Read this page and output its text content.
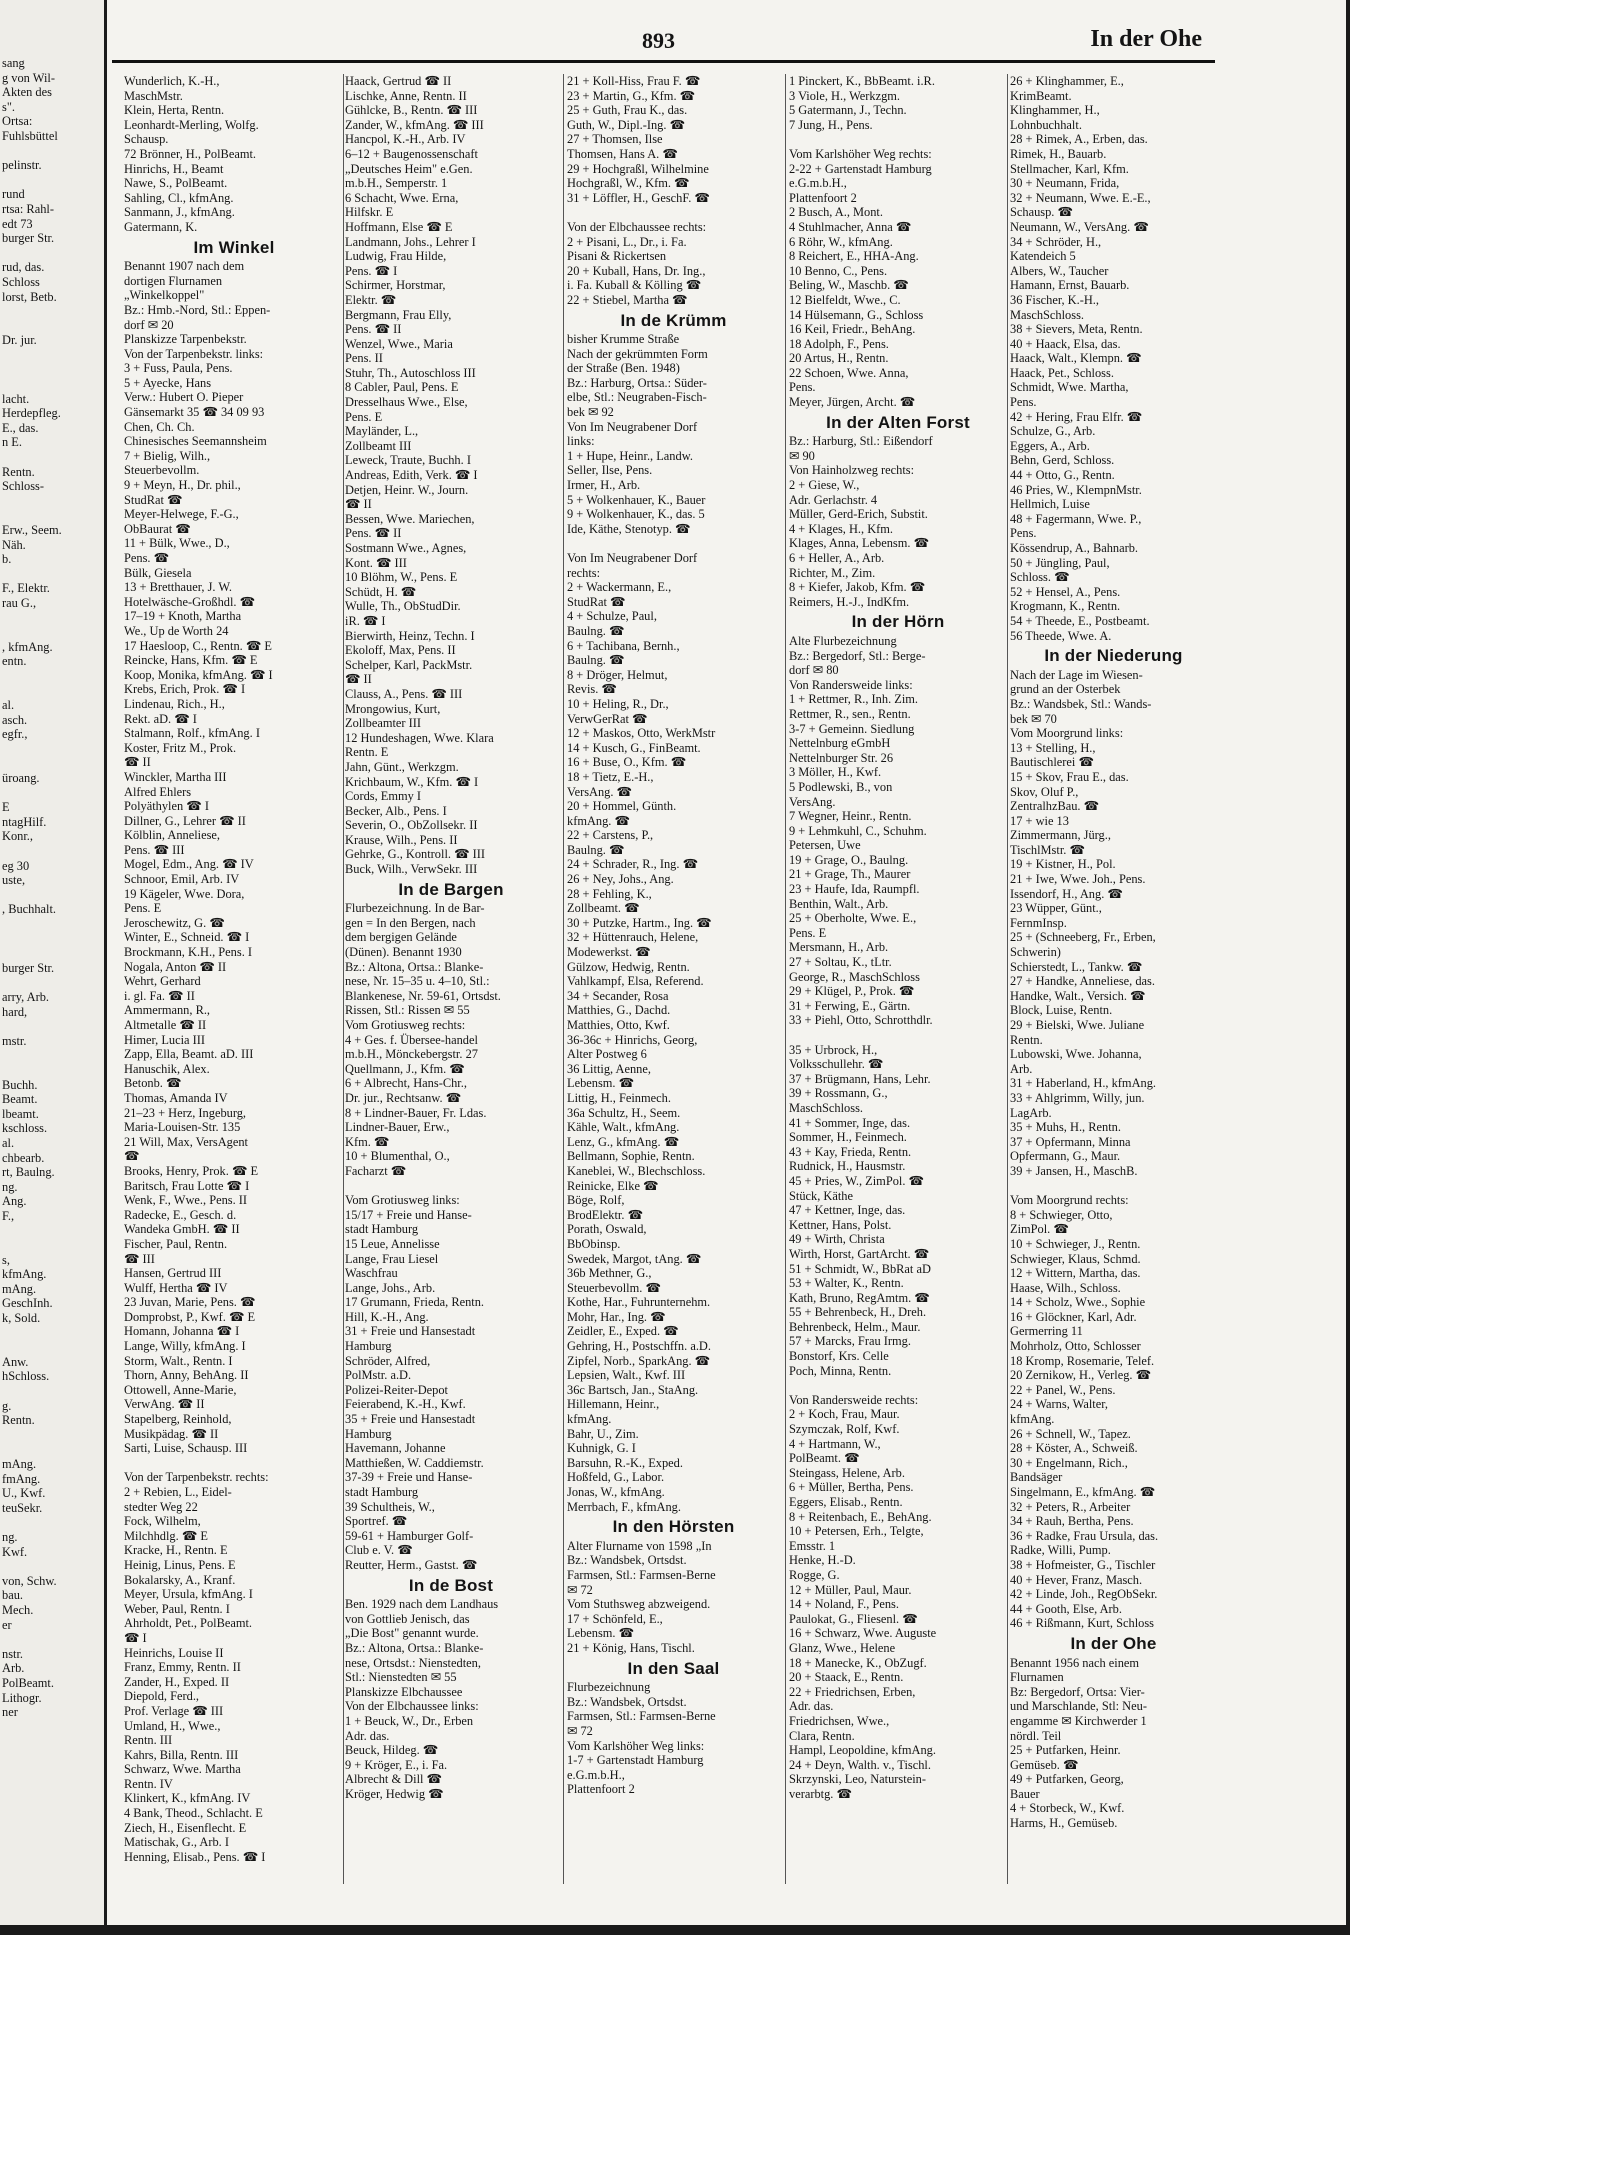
sang
g von Wil-
Akten des
s".
Ortsa:
Fuhlsbüttel

pelinstr.

rund
rtsa: Rahl-
edt 73
burger Str.

rud, das.
Schloss
lorst, Betb.

Dr. jur.

lacht.
Herdepfleg.
E., das.
n E.

Rentn.
Schloss-

Erw., Seem.
Näh.
b.

F., Elektr.
rau G.,

, kfmAng.
entn.

al.
asch.
egfr.,

üroang.

E
ntagHilf.
Konr.,

eg 30
uste,

, Buchhalt.

burger Str.

arry, Arb.
hard,

mstr.

Buchh.
Beamt.
lbeamt.
kschloss.
al.
chbearb.
rt, Baulng.
ng.
Ang.
F.,

s,
kfmAng.
mAng.
GeschInh.
k, Sold.

Anw.
hSchloss.

g.
Rentn.

mAng.
fmAng.
U., Kwf.
teuSekr.

ng.
Kwf.

von, Schw.
bau.
Mech.
er

nstr.
Arb.
PolBeamt.
Lithogr.
ner
893	In der Ohe
Wunderlich, K.-H.,
MaschMstr.
Klein, Herta, Rentn.
Leonhardt-Merling, Wolfg.
Schausp.
72 Brönner, H., PolBeamt.
Hinrichs, H., Beamt
Nawe, S., PolBeamt.
Sahling, Cl., kfmAng.
Sanmann, J., kfmAng.
Gatermann, K.
Im Winkel
Benannt 1907 nach dem
dortigen Flurnamen
„Winkelkoppel"
Bz.: Hmb.-Nord, Stl.: Eppen-
dorf ✉ 20
Planskizze Tarpenbekstr.
Von der Tarpenbekstr. links:
3 + Fuss, Paula, Pens.
5 + Ayecke, Hans
Verw.: Hubert O. Pieper
Gänsemarkt 35 ☎ 34 09 93
Chen, Ch. Ch.
Chinesisches Seemannsheim
7 + Bielig, Wilh.,
Steuerbevollm.
9 + Meyn, H., Dr. phil.,
StudRat ☎
Meyer-Helwege, F.-G.,
ObBaurat ☎
11 + Bülk, Wwe., D.,
Pens. ☎
Bülk, Giesela
13 + Bretthauer, J. W.
Hotelwäsche-Großhdl. ☎
17–19 + Knoth, Martha
We., Up de Worth 24
17 Haesloop, C., Rentn. ☎ E
Reincke, Hans, Kfm. ☎ E
Koop, Monika, kfmAng. ☎ I
Krebs, Erich, Prok. ☎ I
Lindenau, Rich., H.,
Rekt. aD. ☎ I
Stalmann, Rolf., kfmAng. I
Koster, Fritz M., Prok.
☎ II
Winckler, Martha III
Alfred Ehlers
Polyäthylen ☎ I
Dillner, G., Lehrer ☎ II
Kölblin, Anneliese,
Pens. ☎ III
Mogel, Edm., Ang. ☎ IV
Schnoor, Emil, Arb. IV
19 Kägeler, Wwe. Dora,
Pens. E
Jeroschewitz, G. ☎
Winter, E., Schneid. ☎ I
Brockmann, K.H., Pens. I
Nogala, Anton ☎ II
Wehrt, Gerhard
i. gl. Fa. ☎ II
Ammermann, R.,
Altmetalle ☎ II
Himer, Lucia III
Zapp, Ella, Beamt. aD. III
Hanuschik, Alex.
Betonb. ☎
Thomas, Amanda IV
21–23 + Herz, Ingeburg,
Maria-Louisen-Str. 135
21 Will, Max, VersAgent
☎
Brooks, Henry, Prok. ☎ E
Baritsch, Frau Lotte ☎ I
Wenk, F., Wwe., Pens. II
Radecke, E., Gesch. d.
Wandeka GmbH. ☎ II
Fischer, Paul, Rentn.
☎ III
Hansen, Gertrud III
Wulff, Hertha ☎ IV
23 Juvan, Marie, Pens. ☎
Domprobst, P., Kwf. ☎ E
Homann, Johanna ☎ I
Lange, Willy, kfmAng. I
Storm, Walt., Rentn. I
Thorn, Anny, BehAng. II
Ottowell, Anne-Marie,
VerwAng. ☎ II
Stapelberg, Reinhold,
Musikpädag. ☎ II
Sarti, Luise, Schausp. III

Von der Tarpenbekstr. rechts:
2 + Rebien, L., Eidel-
stedter Weg 22
Fock, Wilhelm,
Milchhdlg. ☎ E
Kracke, H., Rentn. E
Heinig, Linus, Pens. E
Bokalarsky, A., Kranf.
Meyer, Ursula, kfmAng. I
Weber, Paul, Rentn. I
Ahrholdt, Pet., PolBeamt.
☎ I
Heinrichs, Louise II
Franz, Emmy, Rentn. II
Zander, H., Exped. II
Diepold, Ferd.,
Prof. Verlage ☎ III
Umland, H., Wwe.,
Rentn. III
Kahrs, Billa, Rentn. III
Schwarz, Wwe. Martha
Rentn. IV
Klinkert, K., kfmAng. IV
4 Bank, Theod., Schlacht. E
Ziech, H., Eisenflecht. E
Matischak, G., Arb. I
Henning, Elisab., Pens. ☎ I
Haack, Gertrud ☎ II
Lischke, Anne, Rentn. II
Gühlcke, B., Rentn. ☎ III
Zander, W., kfmAng. ☎ III
Hancpol, K.-H., Arb. IV
6–12 + Baugenossenschaft
„Deutsches Heim" e.Gen.
m.b.H., Semperstr. 1
6 Schacht, Wwe. Erna,
Hilfskr. E
Hoffmann, Else ☎ E
Landmann, Johs., Lehrer I
Ludwig, Frau Hilde,
Pens. ☎ I
Schirmer, Horstmar,
Elektr. ☎
Bergmann, Frau Elly,
Pens. ☎ II
Wenzel, Wwe., Maria
Pens. II
Stuhr, Th., Autoschloss III
8 Cabler, Paul, Pens. E
Dresselhaus Wwe., Else,
Pens. E
Mayländer, L.,
Zollbeamt III
Leweck, Traute, Buchh. I
Andreas, Edith, Verk. ☎ I
Detjen, Heinr. W., Journ.
☎ II
Bessen, Wwe. Mariechen,
Pens. ☎ II
Sostmann Wwe., Agnes,
Kont. ☎ III
10 Blöhm, W., Pens. E
Schüdt, H. ☎
Wulle, Th., ObStudDir.
iR. ☎ I
Bierwirth, Heinz, Techn. I
Ekoloff, Max, Pens. II
Schelper, Karl, PackMstr.
☎ II
Clauss, A., Pens. ☎ III
Mrongowius, Kurt,
Zollbeamter III
12 Hundeshagen, Wwe. Klara
Rentn. E
Jahn, Günt., Werkzgm.
Krichbaum, W., Kfm. ☎ I
Cords, Emmy I
Becker, Alb., Pens. I
Severin, O., ObZollsekr. II
Krause, Wilh., Pens. II
Gehrke, G., Kontroll. ☎ III
Buck, Wilh., VerwSekr. III
In de Bargen
Flurbezeichnung. In de Bar-
gen = In den Bergen, nach
dem bergigen Gelände
(Dünen). Benannt 1930
Bz.: Altona, Ortsa.: Blanke-
nese, Nr. 15–35 u. 4–10, Stl.:
Blankenese, Nr. 59-61, Ortsdst.
Rissen, Stl.: Rissen ✉ 55
Vom Grotiusweg rechts:
4 + Ges. f. Übersee-handel
m.b.H., Mönckebergstr. 27
Quellmann, J., Kfm. ☎
6 + Albrecht, Hans-Chr.,
Dr. jur., Rechtsanw. ☎
8 + Lindner-Bauer, Fr. Ldas.
Lindner-Bauer, Erw.,
Kfm. ☎
10 + Blumenthal, O.,
Facharzt ☎

Vom Grotiusweg links:
15/17 + Freie und Hanse-
stadt Hamburg
15 Leue, Annelisse
Lange, Frau Liesel
Waschfrau
Lange, Johs., Arb.
17 Grumann, Frieda, Rentn.
Hill, K.-H., Ang.
31 + Freie und Hansestadt
Hamburg
Schröder, Alfred,
PolMstr. a.D.
Polizei-Reiter-Depot
Feierabend, K.-H., Kwf.
35 + Freie und Hansestadt
Hamburg
Havemann, Johanne
Matthießen, W. Caddiemstr.
37-39 + Freie und Hanse-
stadt Hamburg
39 Schultheis, W.,
Sportref. ☎
59-61 + Hamburger Golf-
Club e. V. ☎
Reutter, Herm., Gastst. ☎
In de Bost
Ben. 1929 nach dem Landhaus
von Gottlieb Jenisch, das
„Die Bost" genannt wurde.
Bz.: Altona, Ortsa.: Blanke-
nese, Ortsdst.: Nienstedten,
Stl.: Nienstedten ✉ 55
Planskizze Elbchaussee
Von der Elbchaussee links:
1 + Beuck, W., Dr., Erben
Adr. das.
Beuck, Hildeg. ☎
9 + Kröger, E., i. Fa.
Albrecht & Dill ☎
Kröger, Hedwig ☎
21 + Koll-Hiss, Frau F. ☎
23 + Martin, G., Kfm. ☎
25 + Guth, Frau K., das.
Guth, W., Dipl.-Ing. ☎
27 + Thomsen, Ilse
Thomsen, Hans A. ☎
29 + Hochgraßl, Wilhelmine
Hochgraßl, W., Kfm. ☎
31 + Löffler, H., GeschF. ☎

Von der Elbchaussee rechts:
2 + Pisani, L., Dr., i. Fa.
Pisani & Rickertsen
20 + Kuball, Hans, Dr. Ing.,
i. Fa. Kuball & Kölling ☎
22 + Stiebel, Martha ☎
In de Krümm
bisher Krumme Straße
Nach der gekrümmten Form
der Straße (Ben. 1948)
Bz.: Harburg, Ortsa.: Süder-
elbe, Stl.: Neugraben-Fisch-
bek ✉ 92
Von Im Neugrabener Dorf
links:
1 + Hupe, Heinr., Landw.
Seller, Ilse, Pens.
Irmer, H., Arb.
5 + Wolkenhauer, K., Bauer
9 + Wolkenhauer, K., das. 5
Ide, Käthe, Stenotyp. ☎

Von Im Neugrabener Dorf
rechts:
2 + Wackermann, E.,
StudRat ☎
4 + Schulze, Paul,
Baulng. ☎
6 + Tachibana, Bernh.,
Baulng. ☎
8 + Dröger, Helmut,
Revis. ☎
10 + Heling, R., Dr.,
VerwGerRat ☎
12 + Maskos, Otto, WerkMstr
14 + Kusch, G., FinBeamt.
16 + Buse, O., Kfm. ☎
18 + Tietz, E.-H.,
VersAng. ☎
20 + Hommel, Günth.
kfmAng. ☎
22 + Carstens, P.,
Baulng. ☎
24 + Schrader, R., Ing. ☎
26 + Ney, Johs., Ang.
28 + Fehling, K.,
Zollbeamt. ☎
30 + Putzke, Hartm., Ing. ☎
32 + Hüttenrauch, Helene,
Modewerkst. ☎
Gülzow, Hedwig, Rentn.
Vahlkampf, Elsa, Referend.
34 + Secander, Rosa
Matthies, G., Dachd.
Matthies, Otto, Kwf.
36-36c + Hinrichs, Georg,
Alter Postweg 6
36 Littig, Aenne,
Lebensm. ☎
Littig, H., Feinmech.
36a Schultz, H., Seem.
Kähle, Walt., kfmAng.
Lenz, G., kfmAng. ☎
Bellmann, Sophie, Rentn.
Kaneblei, W., Blechschloss.
Reinicke, Elke ☎
Böge, Rolf,
BrodElektr. ☎
Porath, Oswald,
BbObinsp.
Swedek, Margot, tAng. ☎
36b Methner, G.,
Steuerbevollm. ☎
Kothe, Har., Fuhrunternehm.
Mohr, Har., Ing. ☎
Zeidler, E., Exped. ☎
Gehring, H., Postschffn. a.D.
Zipfel, Norb., SparkAng. ☎
Lepsien, Walt., Kwf. III
36c Bartsch, Jan., StaAng.
Hillemann, Heinr.,
kfmAng.
Bahr, U., Zim.
Kuhnigk, G. I
Barsuhn, R.-K., Exped.
Hoßfeld, G., Labor.
Jonas, W., kfmAng.
Merrbach, F., kfmAng.
In den Hörsten
Alter Flurname von 1598 „In
Bz.: Wandsbek, Ortsdst.
Farmsen, Stl.: Farmsen-Berne
✉ 72
Vom Stuthsweg abzweigend.
17 + Schönfeld, E.,
Lebensm. ☎
21 + König, Hans, Tischl.
In den Saal
Flurbezeichnung
Bz.: Wandsbek, Ortsdst.
Farmsen, Stl.: Farmsen-Berne
✉ 72
Vom Karlshöher Weg links:
1-7 + Gartenstadt Hamburg
e.G.m.b.H.,
Plattenfoort 2
1 Pinckert, K., BbBeamt. i.R.
3 Viole, H., Werkzgm.
5 Gatermann, J., Techn.
7 Jung, H., Pens.

Vom Karlshöher Weg rechts:
2-22 + Gartenstadt Hamburg
e.G.m.b.H.,
Plattenfoort 2
2 Busch, A., Mont.
4 Stuhlmacher, Anna ☎
6 Röhr, W., kfmAng.
8 Reichert, E., HHA-Ang.
10 Benno, C., Pens.
Beling, W., Maschb. ☎
12 Bielfeldt, Wwe., C.
14 Hülsemann, G., Schloss
16 Keil, Friedr., BehAng.
18 Adolph, F., Pens.
20 Artus, H., Rentn.
22 Schoen, Wwe. Anna,
Pens.
Meyer, Jürgen, Archt. ☎
In der Alten Forst
Bz.: Harburg, Stl.: Eißendorf
✉ 90
Von Hainholzweg rechts:
2 + Giese, W.,
Adr. Gerlachstr. 4
Müller, Gerd-Erich, Substit.
4 + Klages, H., Kfm.
Klages, Anna, Lebensm. ☎
6 + Heller, A., Arb.
Richter, M., Zim.
8 + Kiefer, Jakob, Kfm. ☎
Reimers, H.-J., IndKfm.
In der Hörn
Alte Flurbezeichnung
Bz.: Bergedorf, Stl.: Berge-
dorf ✉ 80
Von Randersweide links:
1 + Rettmer, R., Inh. Zim.
Rettmer, R., sen., Rentn.
3-7 + Gemeinn. Siedlung
Nettelnburg eGmbH
Nettelnburger Str. 26
3 Möller, H., Kwf.
5 Podlewski, B., von
VersAng.
7 Wegner, Heinr., Rentn.
9 + Lehmkuhl, C., Schuhm.
Petersen, Uwe
19 + Grage, O., Baulng.
21 + Grage, Th., Maurer
23 + Haufe, Ida, Raumpfl.
Benthin, Walt., Arb.
25 + Oberholte, Wwe. E.,
Pens. E
Mersmann, H., Arb.
27 + Soltau, K., tLtr.
George, R., MaschSchloss
29 + Klügel, P., Prok. ☎
31 + Ferwing, E., Gärtn.
33 + Piehl, Otto, Schrotthdlr.

35 + Urbrock, H.,
Volksschullehr. ☎
37 + Brügmann, Hans, Lehr.
39 + Rossmann, G.,
MaschSchloss.
41 + Sommer, Inge, das.
Sommer, H., Feinmech.
43 + Kay, Frieda, Rentn.
Rudnick, H., Hausmstr.
45 + Pries, W., ZimPol. ☎
Stück, Käthe
47 + Kettner, Inge, das.
Kettner, Hans, Polst.
49 + Wirth, Christa
Wirth, Horst, GartArcht. ☎
51 + Schmidt, W., BbRat aD
53 + Walter, K., Rentn.
Kath, Bruno, RegAmtm. ☎
55 + Behrenbeck, H., Dreh.
Behrenbeck, Helm., Maur.
57 + Marcks, Frau Irmg.
Bonstorf, Krs. Celle
Poch, Minna, Rentn.

Von Randersweide rechts:
2 + Koch, Frau, Maur.
Szymczak, Rolf, Kwf.
4 + Hartmann, W.,
PolBeamt. ☎
Steingass, Helene, Arb.
6 + Müller, Bertha, Pens.
Eggers, Elisab., Rentn.
8 + Reitenbach, E., BehAng.
10 + Petersen, Erh., Telgte,
Emsstr. 1
Henke, H.-D.
Rogge, G.
12 + Müller, Paul, Maur.
14 + Noland, F., Pens.
Paulokat, G., Fliesenl. ☎
16 + Schwarz, Wwe. Auguste
Glanz, Wwe., Helene
18 + Manecke, K., ObZugf.
20 + Staack, E., Rentn.
22 + Friedrichsen, Erben,
Adr. das.
Friedrichsen, Wwe.,
Clara, Rentn.
Hampl, Leopoldine, kfmAng.
24 + Deyn, Walth. v., Tischl.
Skrzynski, Leo, Naturstein-
verarbtg. ☎
26 + Klinghammer, E.,
KrimBeamt.
Klinghammer, H.,
Lohnbuchhalt.
28 + Rimek, A., Erben, das.
Rimek, H., Bauarb.
Stellmacher, Karl, Kfm.
30 + Neumann, Frida,
32 + Neumann, Wwe. E.-E.,
Schausp. ☎
Neumann, W., VersAng. ☎
34 + Schröder, H.,
Katendeich 5
Albers, W., Taucher
Hamann, Ernst, Bauarb.
36 Fischer, K.-H.,
MaschSchloss.
38 + Sievers, Meta, Rentn.
40 + Haack, Elsa, das.
Haack, Walt., Klempn. ☎
Haack, Pet., Schloss.
Schmidt, Wwe. Martha,
Pens.
42 + Hering, Frau Elfr. ☎
Schulze, G., Arb.
Eggers, A., Arb.
Behn, Gerd, Schloss.
44 + Otto, G., Rentn.
46 Pries, W., KlempnMstr.
Hellmich, Luise
48 + Fagermann, Wwe. P.,
Pens.
Kössendrup, A., Bahnarb.
50 + Jüngling, Paul,
Schloss. ☎
52 + Hensel, A., Pens.
Krogmann, K., Rentn.
54 + Theede, E., Postbeamt.
56 Theede, Wwe. A.
In der Niederung
Nach der Lage im Wiesen-
grund an der Osterbek
Bz.: Wandsbek, Stl.: Wands-
bek ✉ 70
Vom Moorgrund links:
13 + Stelling, H.,
Bautischlerei ☎
15 + Skov, Frau E., das.
Skov, Oluf P.,
ZentralhzBau. ☎
17 + wie 13
Zimmermann, Jürg.,
TischlMstr. ☎
19 + Kistner, H., Pol.
21 + Iwe, Wwe. Joh., Pens.
Issendorf, H., Ang. ☎
23 Wüpper, Günt.,
FernmInsp.
25 + (Schneeberg, Fr., Erben,
Schwerin)
Schierstedt, L., Tankw. ☎
27 + Handke, Anneliese, das.
Handke, Walt., Versich. ☎
Block, Luise, Rentn.
29 + Bielski, Wwe. Juliane
Rentn.
Lubowski, Wwe. Johanna,
Arb.
31 + Haberland, H., kfmAng.
33 + Ahlgrimm, Willy, jun.
LagArb.
35 + Muhs, H., Rentn.
37 + Opfermann, Minna
Opfermann, G., Maur.
39 + Jansen, H., MaschB.

Vom Moorgrund rechts:
8 + Schwieger, Otto,
ZimPol. ☎
10 + Schwieger, J., Rentn.
Schwieger, Klaus, Schmd.
12 + Wittern, Martha, das.
Haase, Wilh., Schloss.
14 + Scholz, Wwe., Sophie
16 + Glöckner, Karl, Adr.
Germerring 11
Mohrholz, Otto, Schlosser
18 Kromp, Rosemarie, Telef.
20 Zernikow, H., Verleg. ☎
22 + Panel, W., Pens.
24 + Warns, Walter,
kfmAng.
26 + Schnell, W., Tapez.
28 + Köster, A., Schweiß.
30 + Engelmann, Rich.,
Bandsäger
Singelmann, E., kfmAng. ☎
32 + Peters, R., Arbeiter
34 + Rauh, Bertha, Pens.
36 + Radke, Frau Ursula, das.
Radke, Willi, Pump.
38 + Hofmeister, G., Tischler
40 + Hever, Franz, Masch.
42 + Linde, Joh., RegObSekr.
44 + Gooth, Else, Arb.
46 + Rißmann, Kurt, Schloss
In der Ohe
Benannt 1956 nach einem
Flurnamen
Bz: Bergedorf, Ortsa: Vier-
und Marschlande, Stl: Neu-
engamme ✉ Kirchwerder 1
nördl. Teil
25 + Putfarken, Heinr.
Gemüseb. ☎
49 + Putfarken, Georg,
Bauer
4 + Storbeck, W., Kwf.
Harms, H., Gemüseb.
